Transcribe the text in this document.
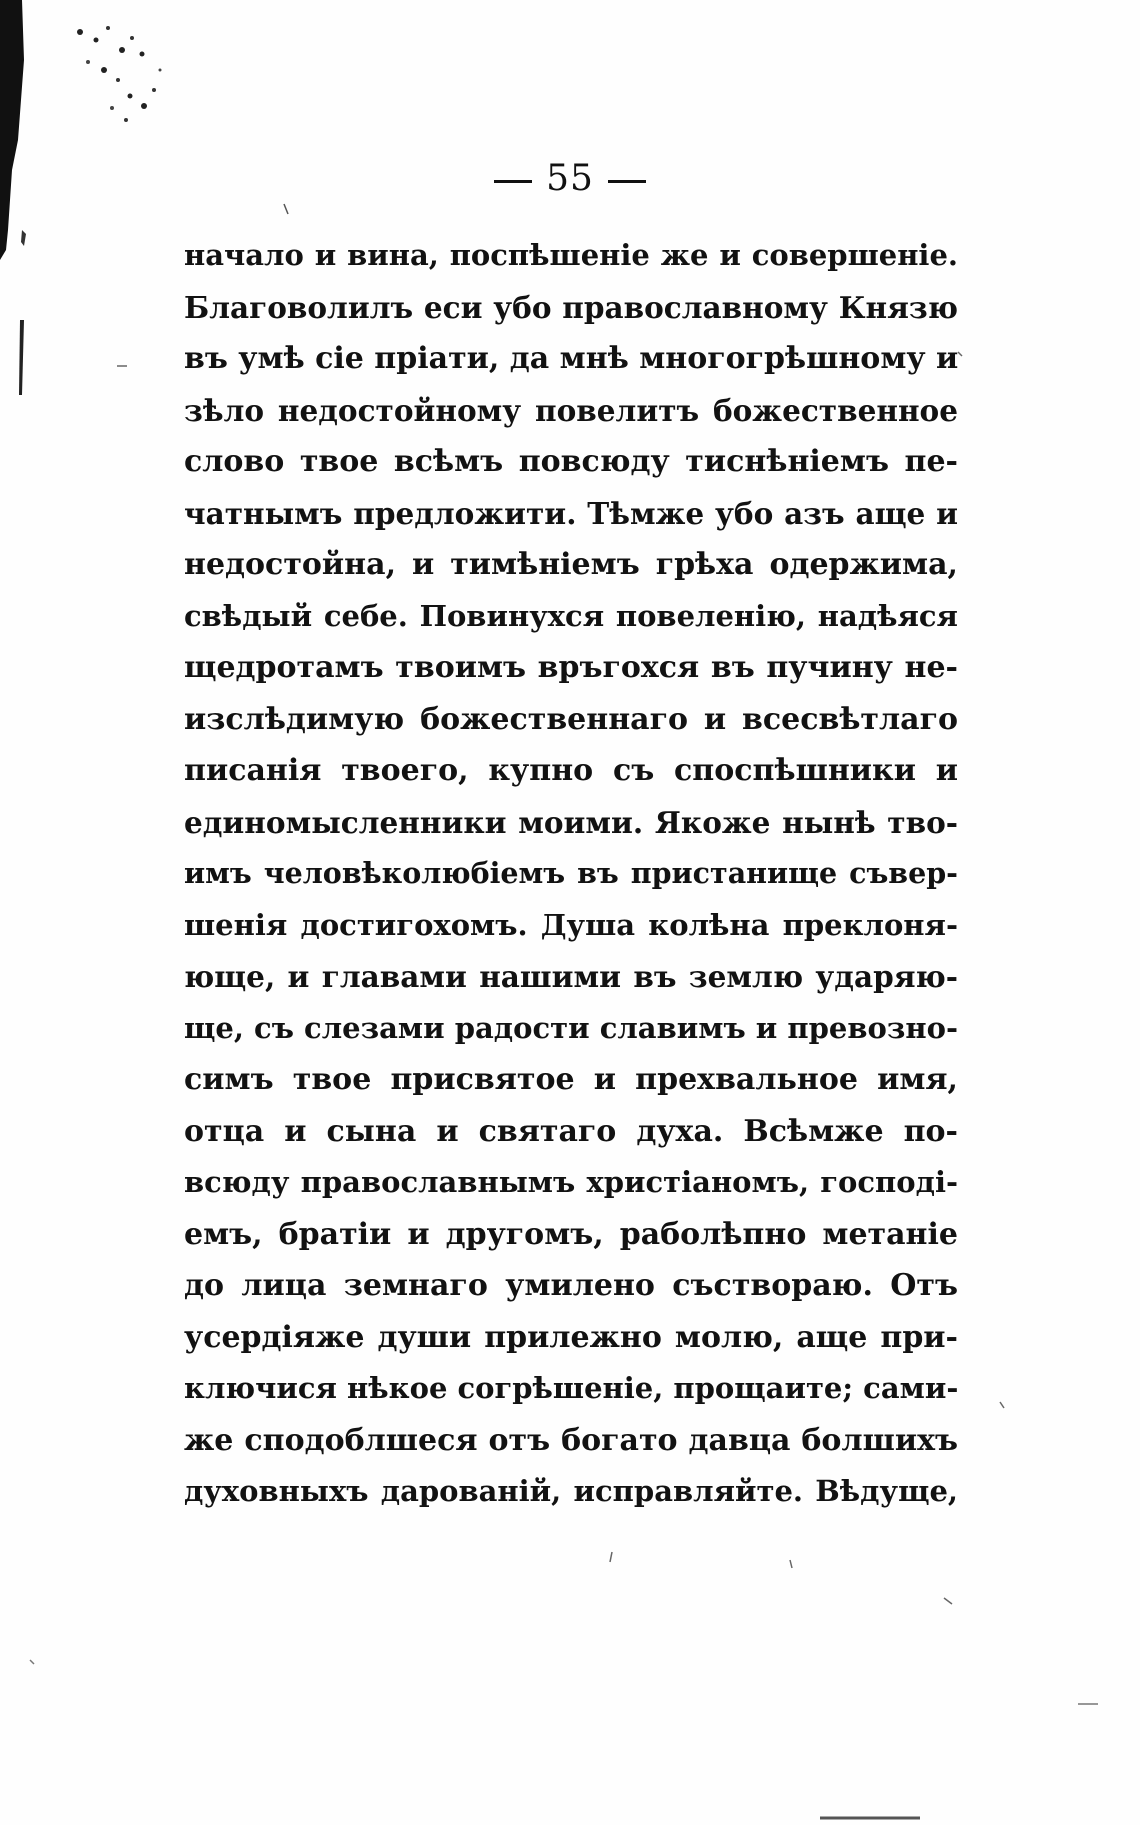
55
начало и вина, поспѣшеніе же и совершеніе.
Благоволилъ еси убо православному Князю
въ умѣ сіе пріати, да мнѣ многогрѣшному и
зѣло недостойному повелитъ божественное
слово твое всѣмъ повсюду тиснѣніемъ пе-
чатнымъ предложити. Тѣмже убо азъ аще и
недостойна, и тимѣніемъ грѣха одержима,
свѣдый себе. Повинухся повеленію, надѣяся
щедротамъ твоимъ връгохся въ пучину не-
изслѣдимую божественнаго и всесвѣтлаго
писанія твоего, купно съ споспѣшники и
единомысленники моими. Якоже нынѣ тво-
имъ человѣколюбіемъ въ пристанище съвер-
шенія достигохомъ. Душа колѣна преклоня-
юще, и главами нашими въ землю ударяю-
ще, съ слезами радости славимъ и превозно-
симъ твое присвятое и прехвальное имя,
отца и сына и святаго духа. Всѣмже по-
всюду православнымъ христіаномъ, господі-
емъ, братіи и другомъ, раболѣпно метаніе
до лица земнаго умилено съствораю. Отъ
усердіяже души прилежно молю, аще при-
ключися нѣкое согрѣшеніе, прощаите; сами-
же сподоблшеся отъ богато давца болшихъ
духовныхъ дарованій, исправляйте. Вѣдуще,
